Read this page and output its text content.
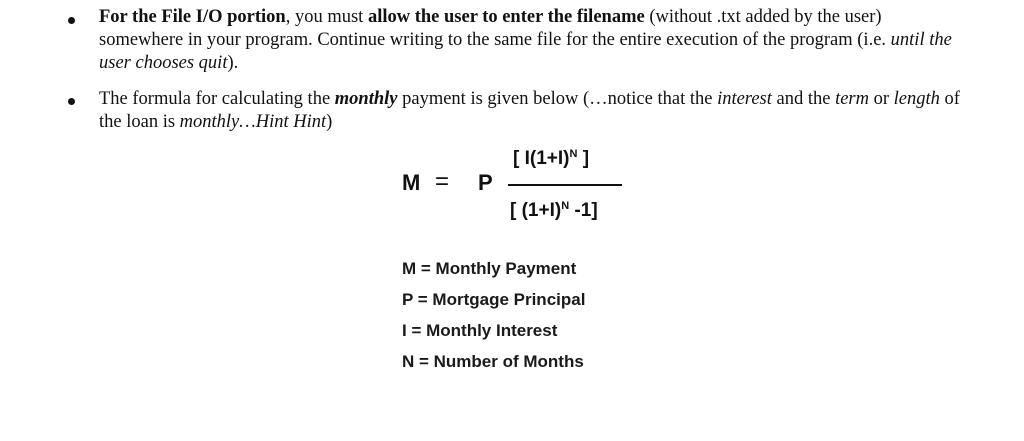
For the File I/O portion, you must allow the user to enter the filename (without .txt added by the user) somewhere in your program. Continue writing to the same file for the entire execution of the program (i.e. until the user chooses quit).
The formula for calculating the monthly payment is given below (…notice that the interest and the term or length of the loan is monthly…Hint Hint)
M = P
[ $I(1+I)^N$ ]
[ $(1+I)^N$ -1]
M = Monthly Payment
P = Mortgage Principal
I = Monthly Interest
N = Number of Months
